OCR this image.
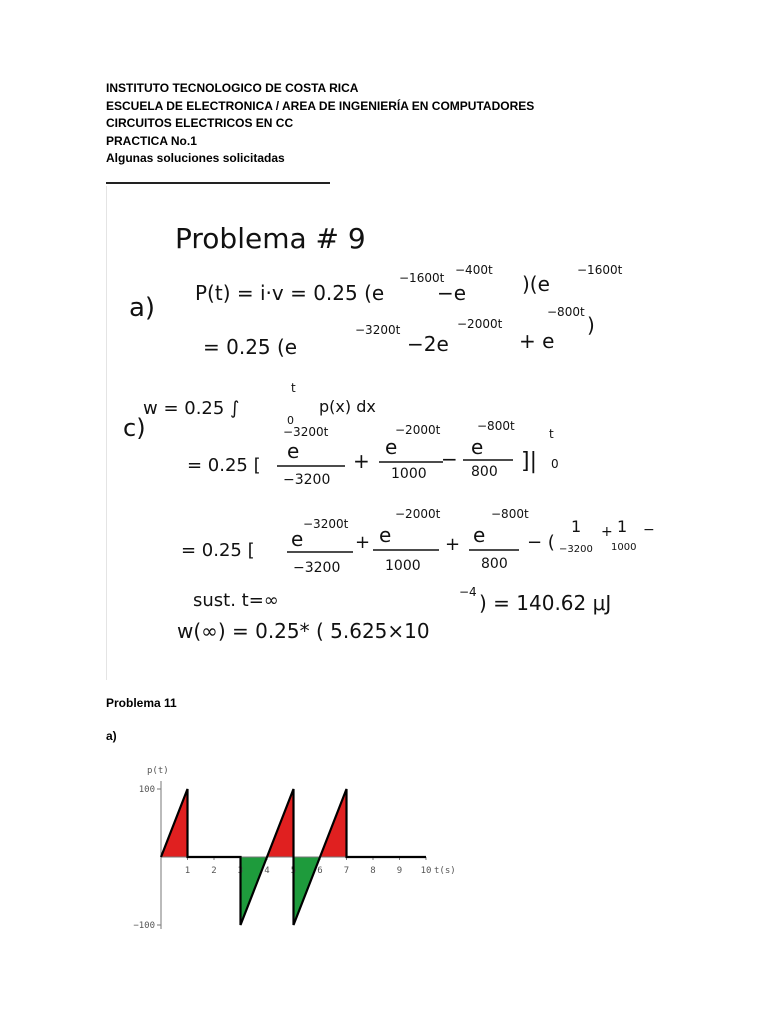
INSTITUTO TECNOLOGICO DE COSTA RICA
ESCUELA DE ELECTRONICA / AREA DE INGENIERÍA EN COMPUTADORES
CIRCUITOS ELECTRICOS EN CC
PRACTICA No.1
Algunas soluciones solicitadas
Problema # 9
a) P(t) = i·v = 0.25 (e
−1600t
−400t
−e	)(e
−1600t
= 0.25 (e
−3200t
−2e
−2000t
+ e
−800t
)
w = 0.25 ∫
t
0
p(x) dx
c)
= 0.25 [
e
−3200t
−3200
+
e
−2000t
1000
− e
−800t
800 ]|
t
0
= 0.25 [ e
−3200t
−3200
+ e
−2000t
1000
+ e
−800t
800
− (
1
−3200
+ 1
1000
−
sust. t=∞
w(∞) = 0.25* ( 5.625×10
−4 ) = 140.62 μJ
Problema 11
a)
100
−100
p(t)
1 2 3 4 5 6 7 8 9 10 t(s)
